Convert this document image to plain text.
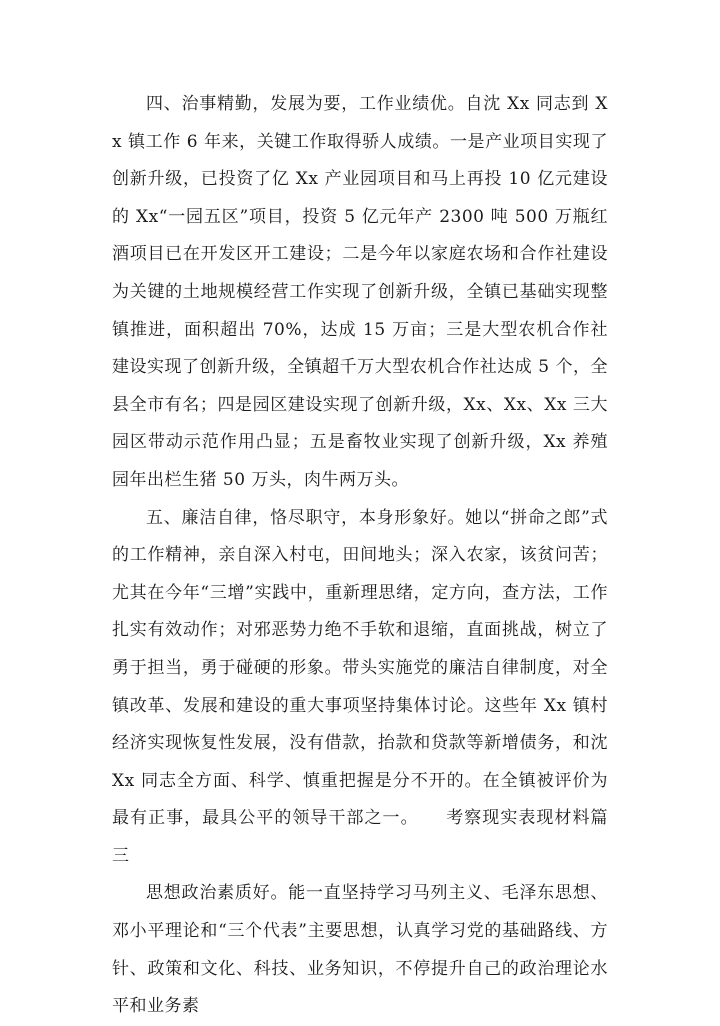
四、治事精勤，发展为要，工作业绩优。自沈 Xx 同志到 Xx 镇工作 6 年来，关键工作取得骄人成绩。一是产业项目实现了创新升级，已投资了亿 Xx 产业园项目和马上再投 10 亿元建设的 Xx“一园五区”项目，投资 5 亿元年产 2300 吨 500 万瓶红酒项目已在开发区开工建设；二是今年以家庭农场和合作社建设为关键的土地规模经营工作实现了创新升级，全镇已基础实现整镇推进，面积超出 70%，达成 15 万亩；三是大型农机合作社建设实现了创新升级，全镇超千万大型农机合作社达成 5 个，全县全市有名；四是园区建设实现了创新升级，Xx、Xx、Xx 三大园区带动示范作用凸显；五是畜牧业实现了创新升级，Xx 养殖园年出栏生猪 50 万头，肉牛两万头。

五、廉洁自律，恪尽职守，本身形象好。她以“拼命之郎”式的工作精神，亲自深入村屯，田间地头；深入农家，该贫问苦；尤其在今年“三增”实践中，重新理思绪，定方向，查方法，工作扎实有效动作；对邪恶势力绝不手软和退缩，直面挑战，树立了勇于担当，勇于碰硬的形象。带头实施党的廉洁自律制度，对全镇改革、发展和建设的重大事项坚持集体讨论。这些年 Xx 镇村经济实现恢复性发展，没有借款，抬款和贷款等新增债务，和沈 Xx 同志全方面、科学、慎重把握是分不开的。在全镇被评价为最有正事，最具公平的领导干部之一。　　考察现实表现材料篇三

思想政治素质好。能一直坚持学习马列主义、毛泽东思想、邓小平理论和“三个代表”主要思想，认真学习党的基础路线、方针、政策和文化、科技、业务知识，不停提升自己的政治理论水平和业务素
